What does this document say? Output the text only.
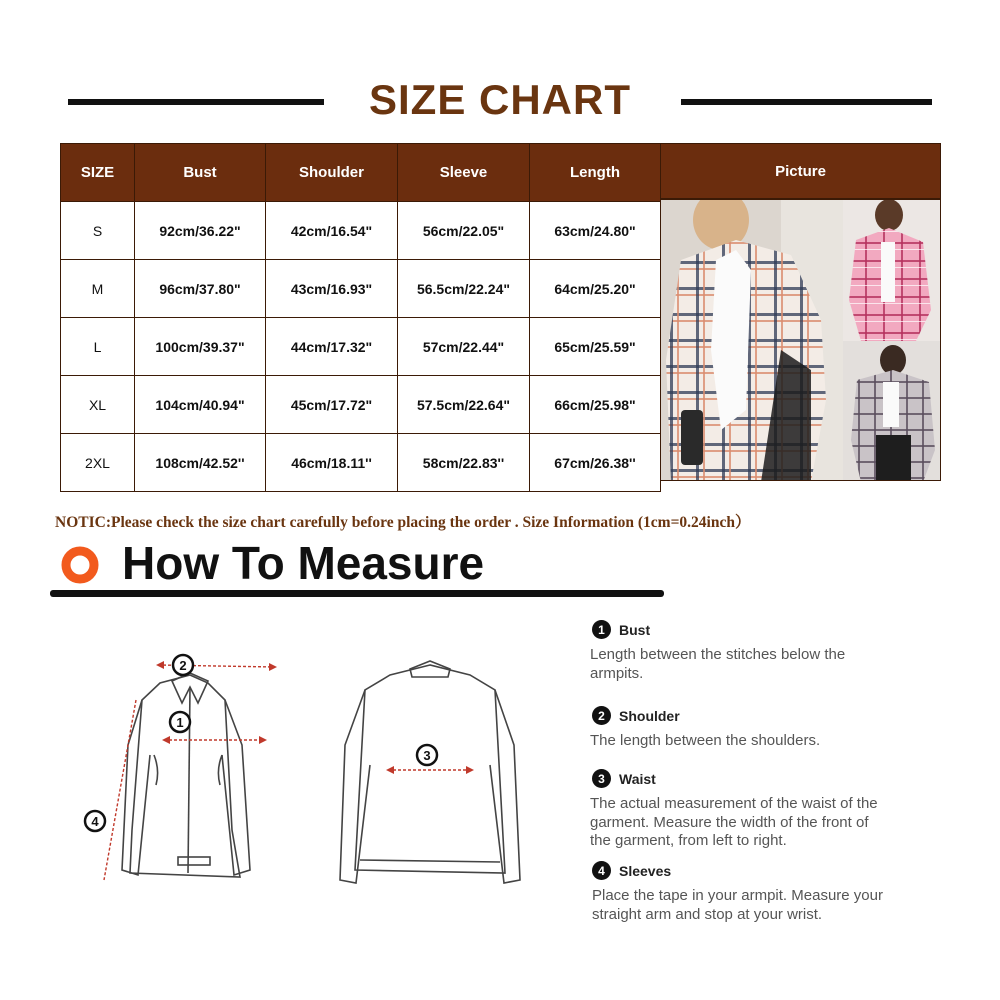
SIZE CHART
SIZE	Bust	Shoulder	Sleeve	Length
S	92cm/36.22"	42cm/16.54"	56cm/22.05"	63cm/24.80"
M	96cm/37.80"	43cm/16.93"	56.5cm/22.24"	64cm/25.20"
L	100cm/39.37"	44cm/17.32"	57cm/22.44"	65cm/25.59"
XL	104cm/40.94"	45cm/17.72"	57.5cm/22.64"	66cm/25.98"
2XL	108cm/42.52''	46cm/18.11''	58cm/22.83''	67cm/26.38''
Picture
NOTIC:Please check the size chart carefully before placing the order . Size Information (1cm=0.24inch）
How To Measure
2
1
4
3
1	Bust
Length between the stitches below the armpits.
2	Shoulder
The length between the shoulders.
3	Waist
The actual measurement of the waist of the garment. Measure the width of the front of the garment, from left to right.
4	Sleeves
Place the tape in your armpit. Measure your straight arm and stop at your wrist.
